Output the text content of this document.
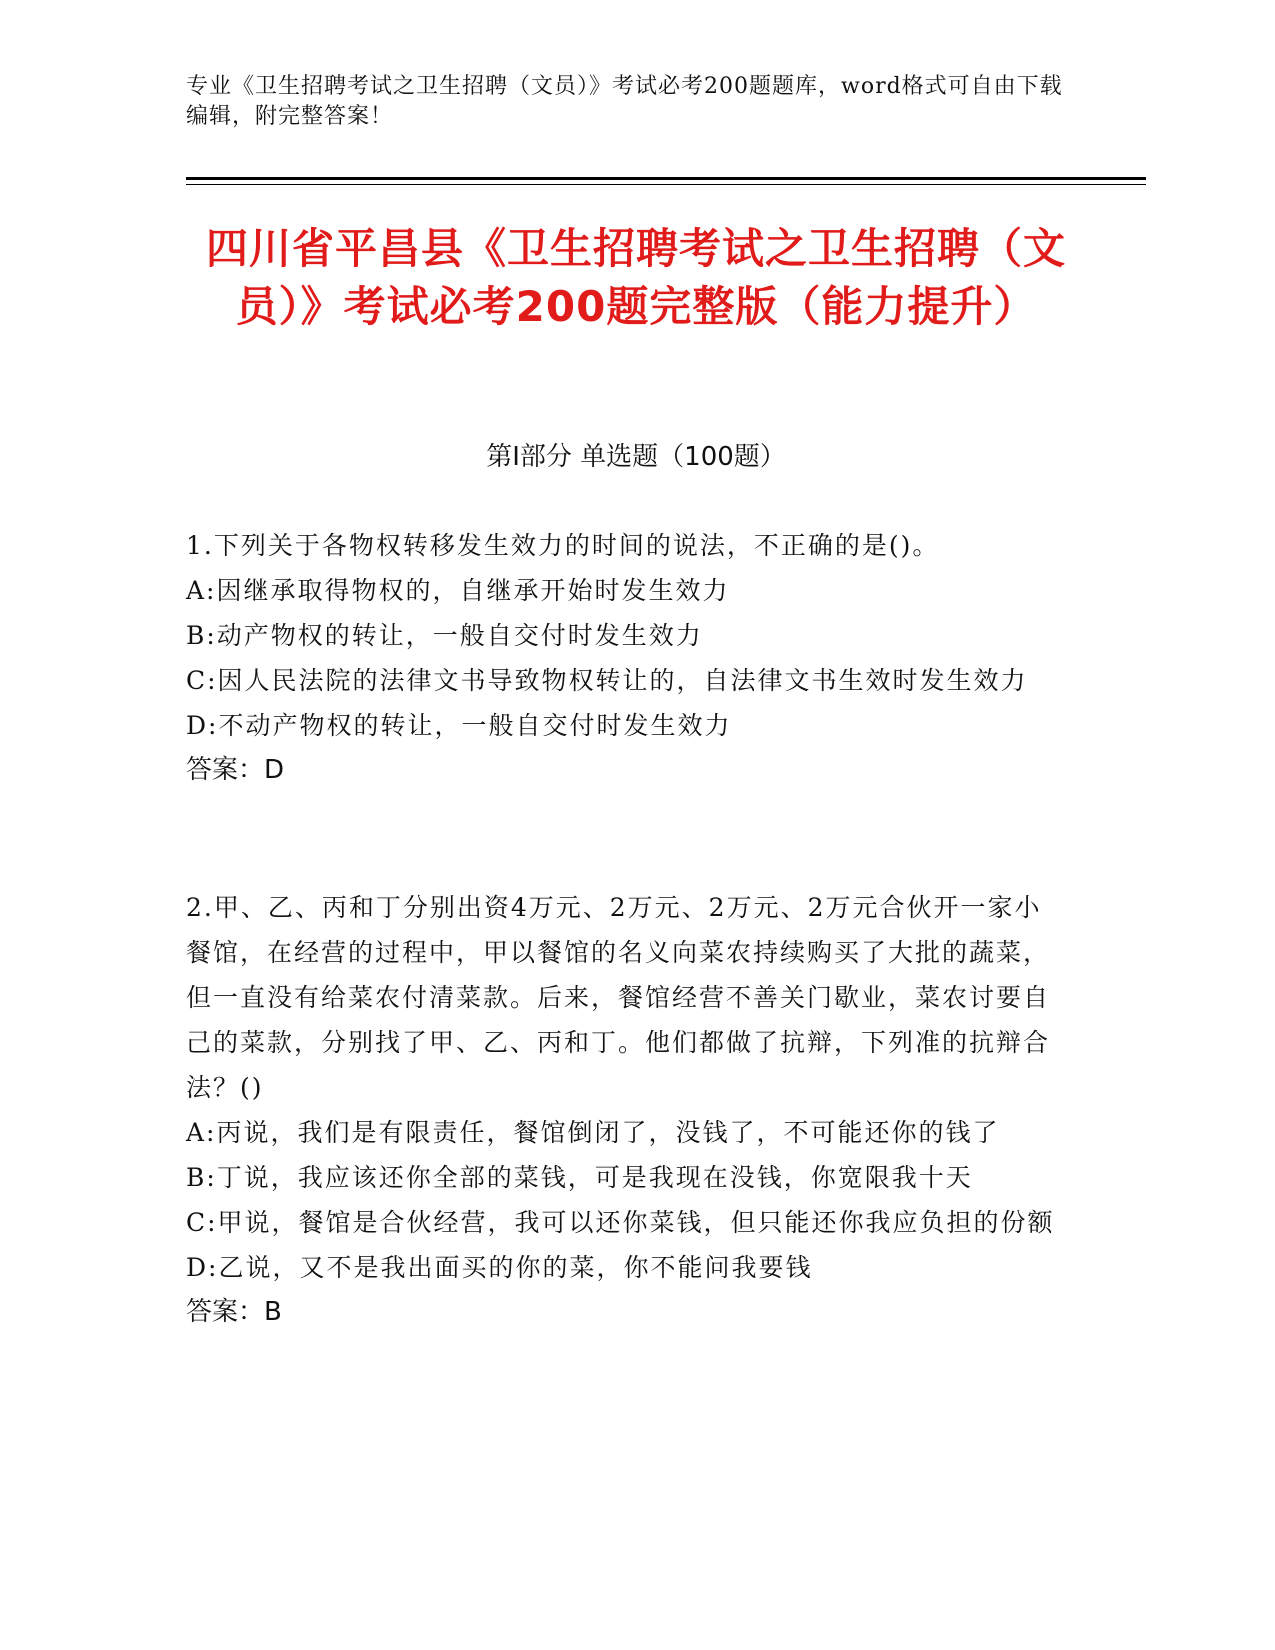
专业《卫生招聘考试之卫生招聘（文员）》考试必考200题题库，word格式可自由下载编辑，附完整答案！
四川省平昌县《卫生招聘考试之卫生招聘（文员）》考试必考200题完整版（能力提升）
第Ⅰ部分 单选题（100题）
1.下列关于各物权转移发生效力的时间的说法，不正确的是()。
A:因继承取得物权的，自继承开始时发生效力
B:动产物权的转让，一般自交付时发生效力
C:因人民法院的法律文书导致物权转让的，自法律文书生效时发生效力
D:不动产物权的转让，一般自交付时发生效力
答案：D
2.甲、乙、丙和丁分别出资4万元、2万元、2万元、2万元合伙开一家小餐馆，在经营的过程中，甲以餐馆的名义向菜农持续购买了大批的蔬菜，但一直没有给菜农付清菜款。后来，餐馆经营不善关门歇业，菜农讨要自己的菜款，分别找了甲、乙、丙和丁。他们都做了抗辩，下列准的抗辩合法？()
A:丙说，我们是有限责任，餐馆倒闭了，没钱了，不可能还你的钱了
B:丁说，我应该还你全部的菜钱，可是我现在没钱，你宽限我十天
C:甲说，餐馆是合伙经营，我可以还你菜钱，但只能还你我应负担的份额
D:乙说，又不是我出面买的你的菜，你不能问我要钱
答案：B
